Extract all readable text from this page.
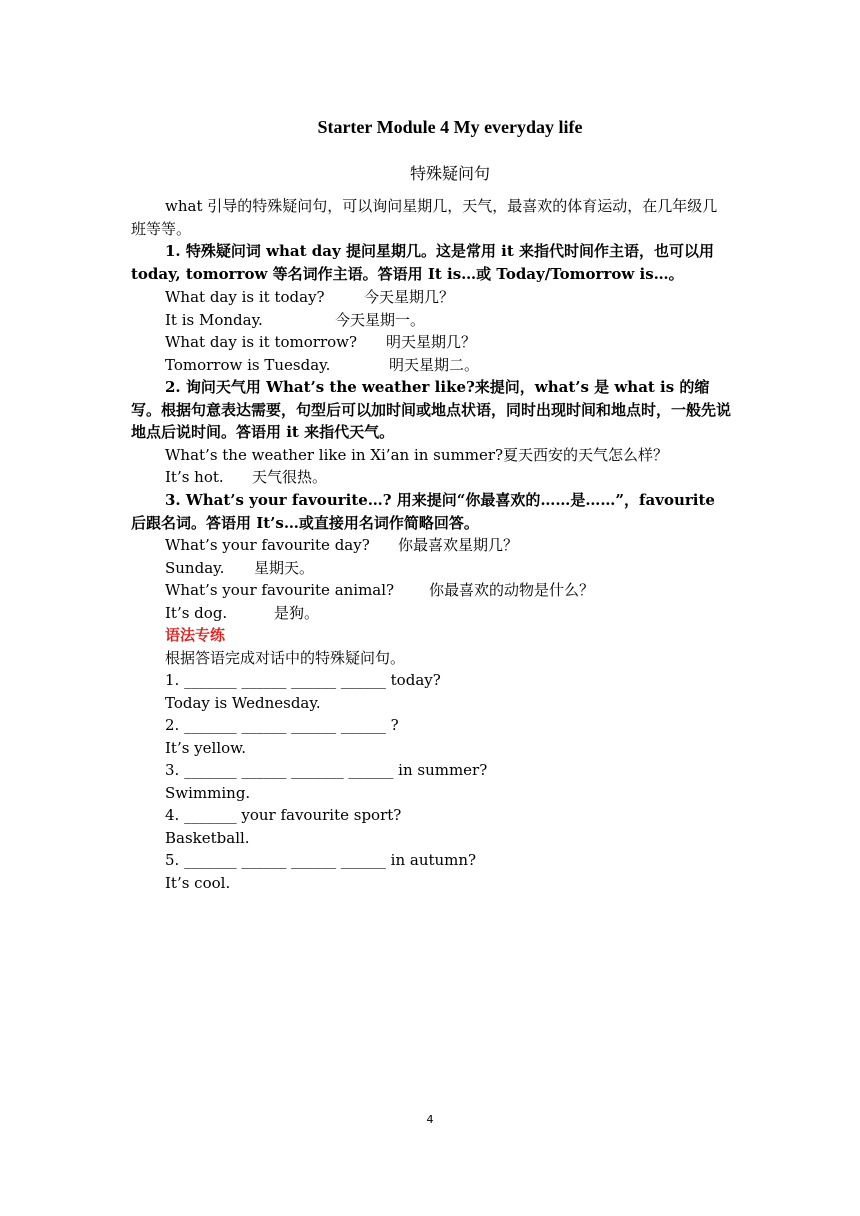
Starter Module 4 My everyday life
特殊疑问句
what 引导的特殊疑问句，可以询问星期几，天气，最喜欢的体育运动，在几年级几班等等。
1. 特殊疑问词 what day 提问星期几。这是常用 it 来指代时间作主语，也可以用 today, tomorrow 等名词作主语。答语用 It is…或 Today/Tomorrow is…。
What day is it today?	今天星期几？
It is Monday.	今天星期一。
What day is it tomorrow? 明天星期几？
Tomorrow is Tuesday.	明天星期二。
2. 询问天气用 What’s the weather like?来提问，what’s 是 what is 的缩写。根据句意表达需要，句型后可以加时间或地点状语，同时出现时间和地点时，一般先说地点后说时间。答语用 it 来指代天气。
What’s the weather like in Xi’an in summer? 夏天西安的天气怎么样？
It’s hot. 天气很热。
3. What’s your favourite…? 用来提问“你最喜欢的……是……”，favourite 后跟名词。答语用 It’s…或直接用名词作简略回答。
What’s your favourite day? 你最喜欢星期几？
Sunday. 星期天。
What’s your favourite animal? 你最喜欢的动物是什么？
It’s dog.	是狗。
语法专练
根据答语完成对话中的特殊疑问句。
1. _______ ______ ______ ______ today?
Today is Wednesday.
2. _______ ______ ______ ______ ?
It’s yellow.
3. _______ ______ _______ ______ in summer?
Swimming.
4. _______ your favourite sport?
Basketball.
5. _______ ______ ______ ______ in autumn?
It’s cool.
4
